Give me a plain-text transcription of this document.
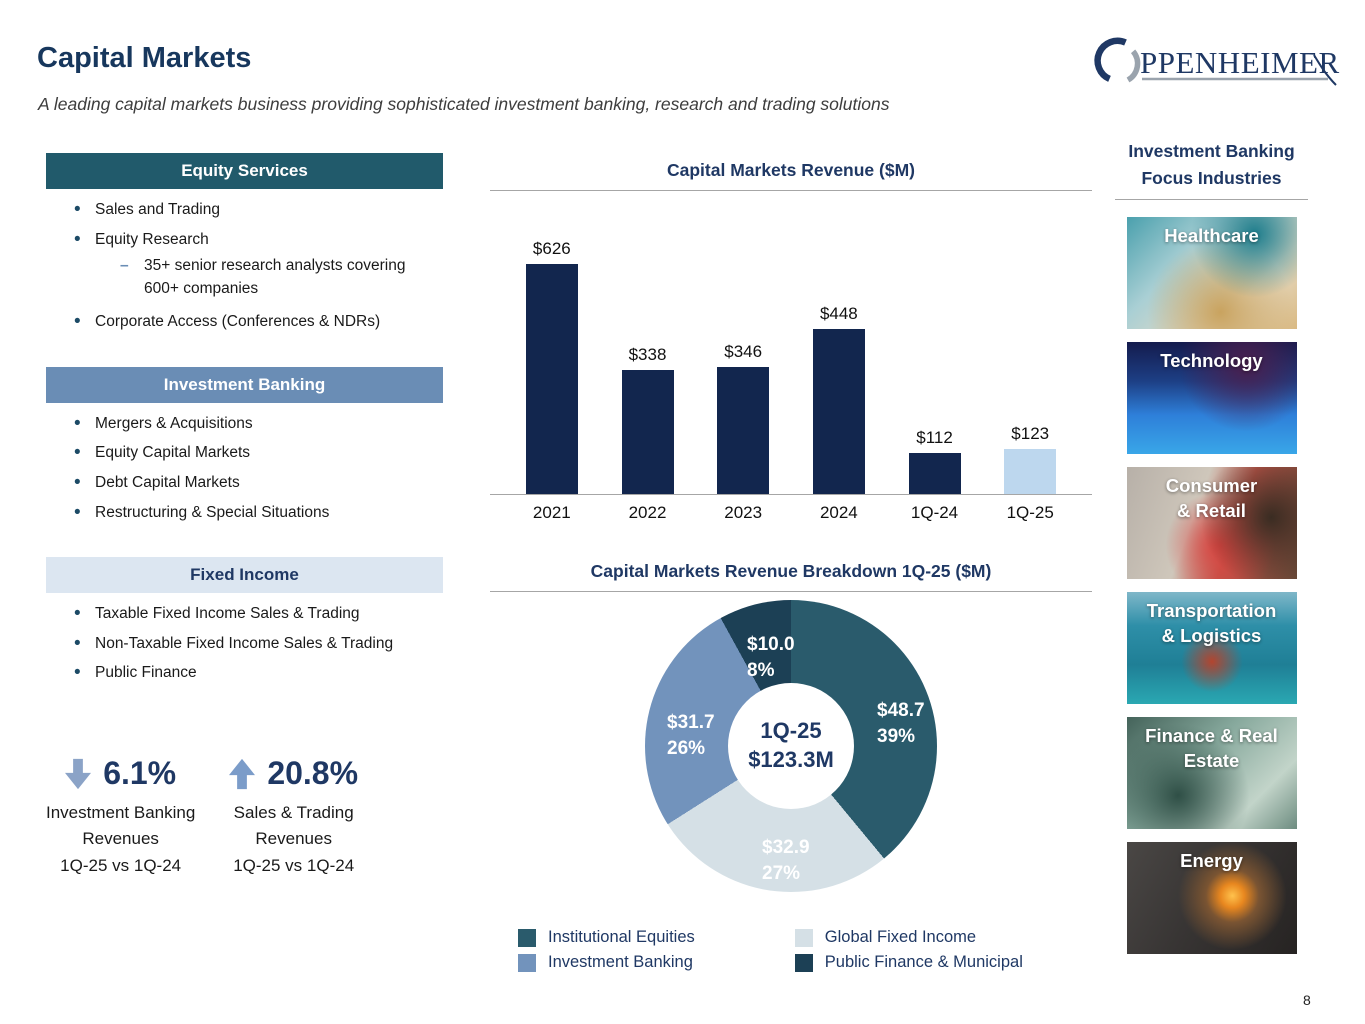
Capital Markets
A leading capital markets business providing sophisticated investment banking, research and trading solutions
PPENHEIMER
Equity Services
• Sales and Trading
• Equity Research
– 35+ senior research analysts covering 600+ companies
• Corporate Access (Conferences & NDRs)
Investment Banking
• Mergers & Acquisitions
• Equity Capital Markets
• Debt Capital Markets
• Restructuring & Special Situations
Fixed Income
• Taxable Fixed Income Sales & Trading
• Non-Taxable Fixed Income Sales & Trading
• Public Finance
6.1%
Investment Banking
Revenues
1Q-25 vs 1Q-24
20.8%
Sales & Trading
Revenues
1Q-25 vs 1Q-24
Capital Markets Revenue ($M)
$626
$338	$346
$448
$112	$123
2021	2022	2023	2024	1Q-24	1Q-25
Capital Markets Revenue Breakdown 1Q-25 ($M)
1Q-25
$123.3M
$48.7
39%
$32.9
27%
$31.7
26%
$10.0
8%
Institutional Equities
Investment Banking
Global Fixed Income
Public Finance & Municipal
Investment Banking
Focus Industries
Healthcare
Technology
Consumer
& Retail
Transportation
& Logistics
Finance & Real
Estate
Energy
8
